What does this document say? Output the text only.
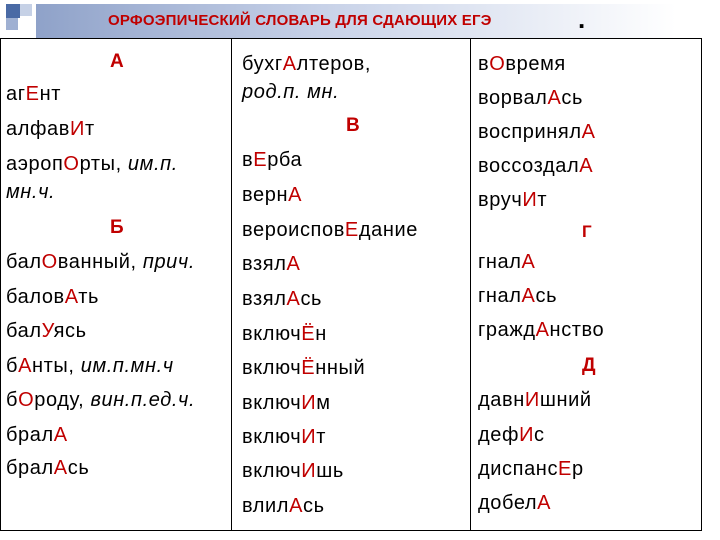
ОРФОЭПИЧЕСКИЙ СЛОВАРЬ ДЛЯ СДАЮЩИХ ЕГЭ	.
А
агЕнт
алфавИт
аэропОрты, им.п.
мн.ч.
Б
балОванный, прич.
баловАть
балУясь
бАнты, им.п.мн.ч
бОроду, вин.п.ед.ч.
бралА
бралАсь
бухгАлтеров,
род.п. мн.
В
вЕрба
вернА
вероисповЕдание
взялА
взялАсь
включЁн
включЁнный
включИм
включИт
включИшь
влилАсь
вОвремя
ворвалАсь
воспринялА
воссоздалА
вручИт
Г
гналА
гналАсь
граждАнство
Д
давнИшний
дефИс
диспансЕр
добелА
